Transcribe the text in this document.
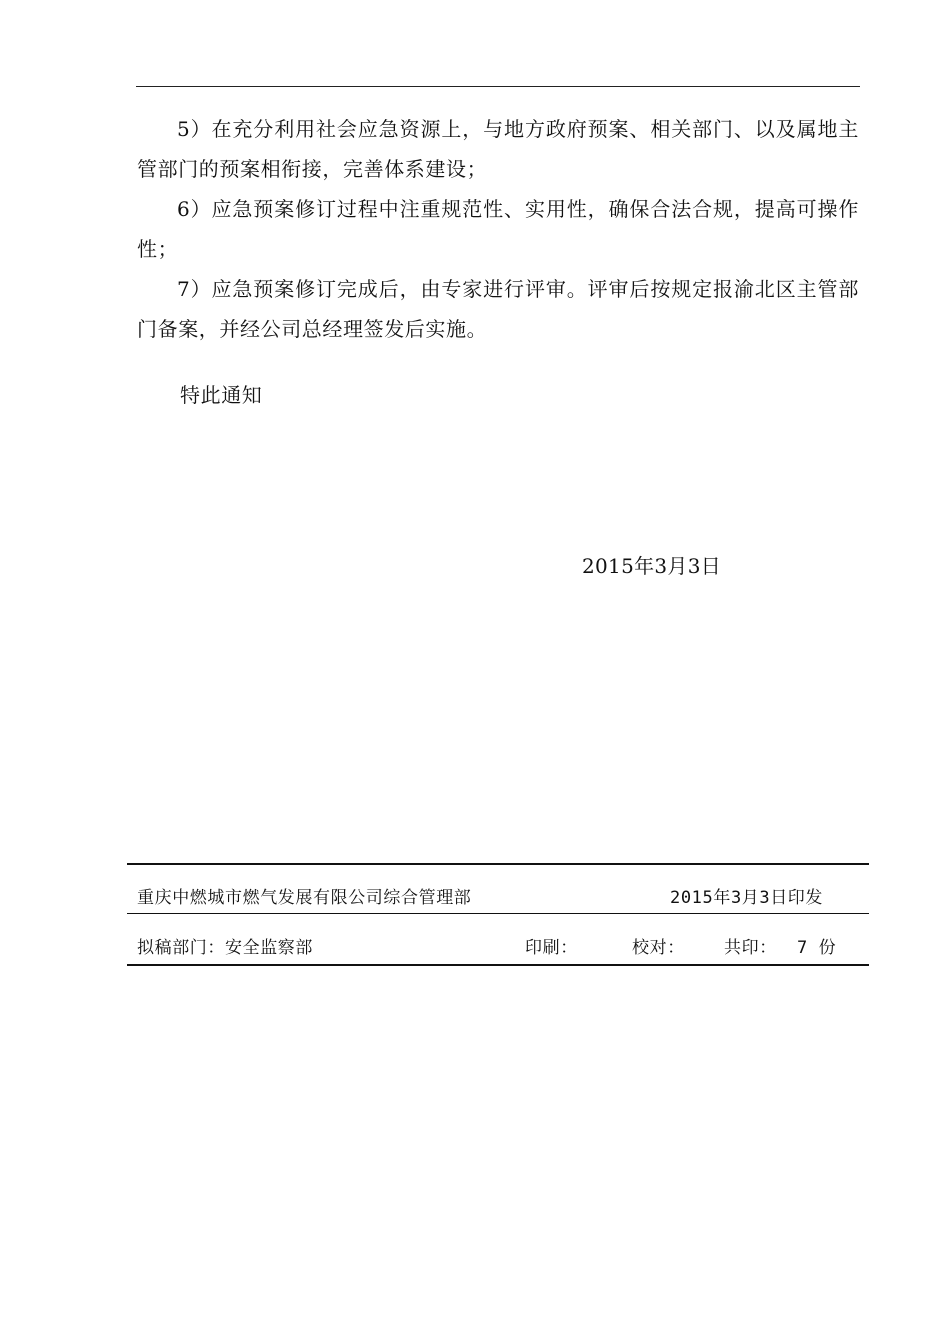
5）在充分利用社会应急资源上，与地方政府预案、相关部门、以及属地主管部门的预案相衔接，完善体系建设；

6）应急预案修订过程中注重规范性、实用性，确保合法合规，提高可操作性；

7）应急预案修订完成后，由专家进行评审。评审后按规定报渝北区主管部门备案，并经公司总经理签发后实施。

特此通知
2015年3月3日
重庆中燃城市燃气发展有限公司综合管理部	2015年3月3日印发
拟稿部门：安全监察部	印刷：	校对： 共印： 7 份
